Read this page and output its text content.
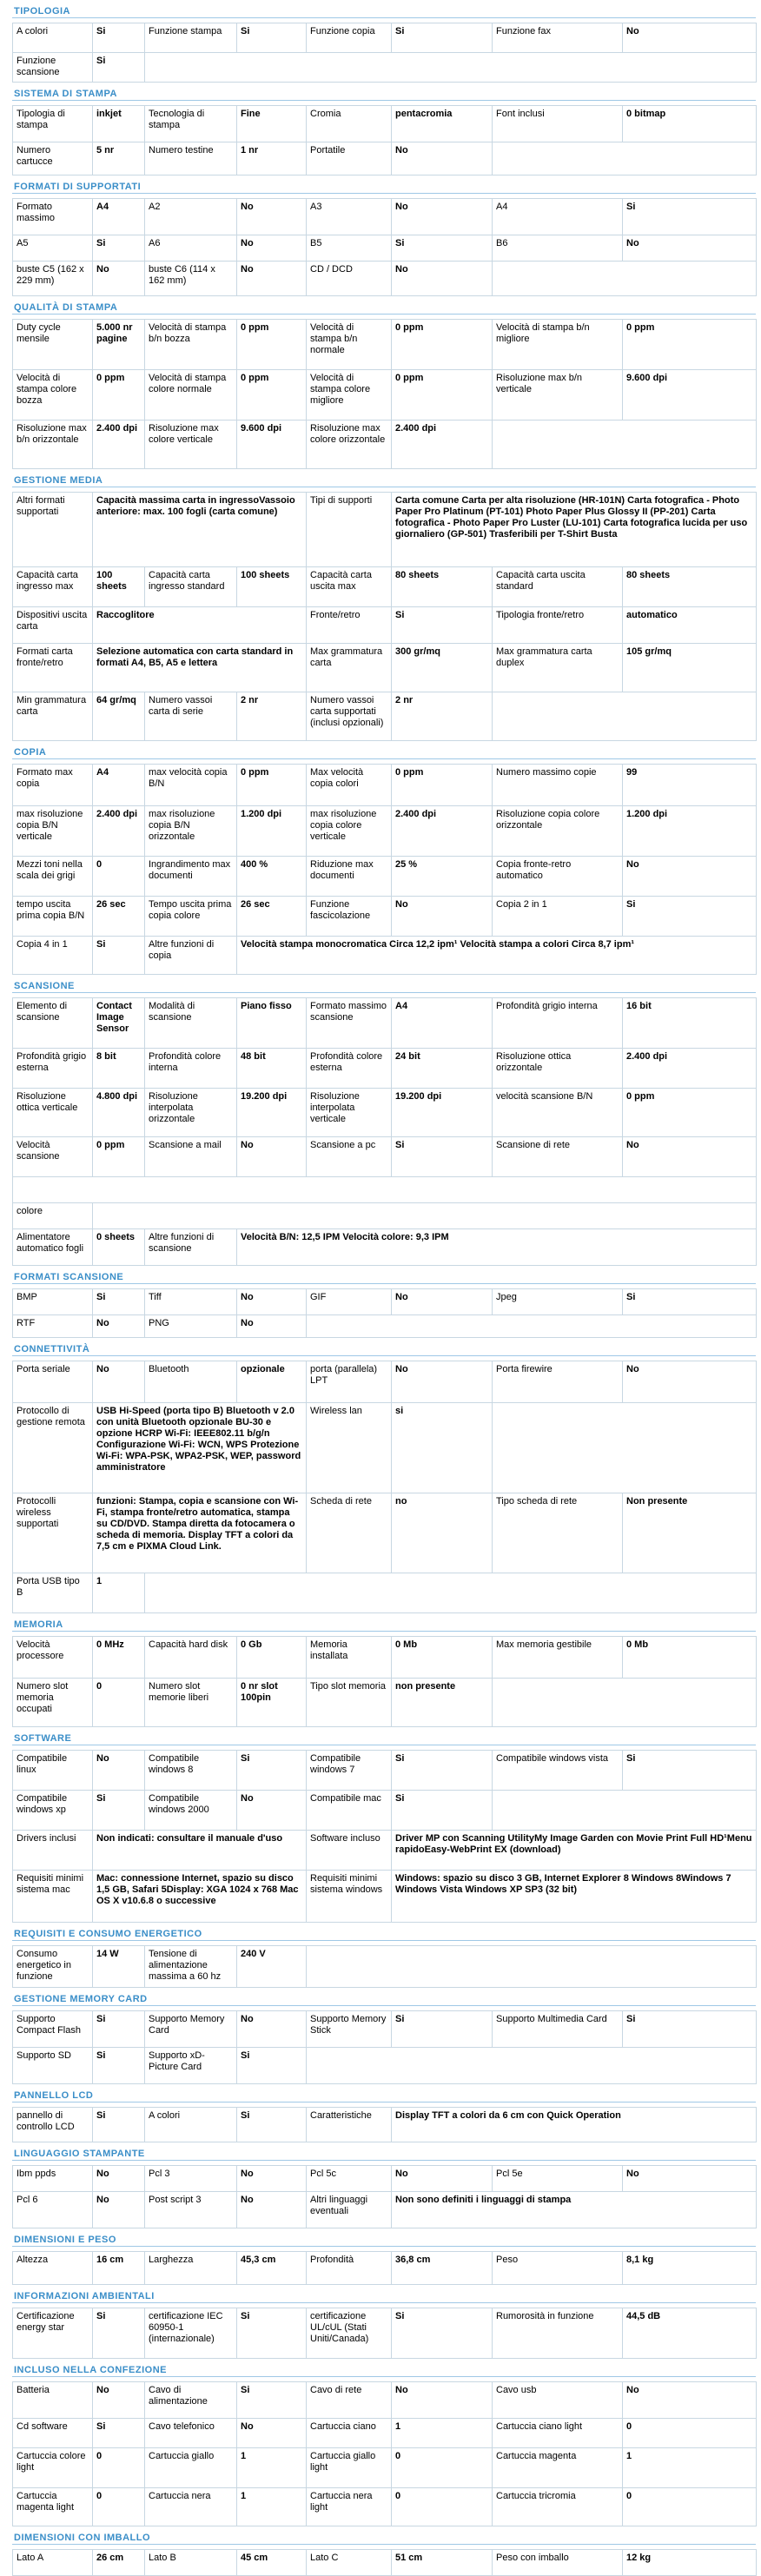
TIPOLOGIA
A colori	Si	Funzione stampa	Si	Funzione copia	Si	Funzione fax	No
Funzione scansione	Si						
SISTEMA DI STAMPA
Tipologia di stampa	inkjet	Tecnologia di stampa	Fine	Cromia	pentacromia	Font inclusi	0 bitmap
Numero cartucce	5 nr	Numero testine	1 nr	Portatile	No		
FORMATI DI SUPPORTATI
Formato massimo	A4	A2	No	A3	No	A4	Si
A5	Si	A6	No	B5	Si	B6	No
buste C5 (162 x 229 mm)	No	buste C6 (114 x 162 mm)	No	CD / DCD	No		
QUALITÀ DI STAMPA
Duty cycle mensile	5.000 nr pagine	Velocità di stampa b/n bozza	0 ppm	Velocità di stampa b/n normale	0 ppm	Velocità di stampa b/n migliore	0 ppm
Velocità di stampa colore bozza	0 ppm	Velocità di stampa colore normale	0 ppm	Velocità di stampa colore migliore	0 ppm	Risoluzione max b/n verticale	9.600 dpi
Risoluzione max b/n orizzontale	2.400 dpi	Risoluzione max colore verticale	9.600 dpi	Risoluzione max colore orizzontale	2.400 dpi		
GESTIONE MEDIA
Altri formati supportati	Capacità massima carta in ingressoVassoio anteriore: max. 100 fogli (carta comune)			Tipi di supporti	Carta comune Carta per alta risoluzione (HR-101N) Carta fotografica - Photo Paper Pro Platinum (PT-101) Photo Paper Plus Glossy II (PP-201) Carta fotografica - Photo Paper Pro Luster (LU-101) Carta fotografica lucida per uso giornaliero (GP-501) Trasferibili per T-Shirt Busta		
Capacità carta ingresso max	100 sheets	Capacità carta ingresso standard	100 sheets	Capacità carta uscita max	80 sheets	Capacità carta uscita standard	80 sheets
Dispositivi uscita carta	Raccoglitore			Fronte/retro	Si	Tipologia fronte/retro	automatico
Formati carta fronte/retro	Selezione automatica con carta standard in formati A4, B5, A5 e lettera			Max grammatura carta	300 gr/mq	Max grammatura carta duplex	105 gr/mq
Min grammatura carta	64 gr/mq	Numero vassoi carta di serie	2 nr	Numero vassoi carta supportati (inclusi opzionali)	2 nr		
COPIA
Formato max copia	A4	max velocità copia B/N	0 ppm	Max velocità copia colori	0 ppm	Numero massimo copie	99
max risoluzione copia B/N verticale	2.400 dpi	max risoluzione copia B/N orizzontale	1.200 dpi	max risoluzione copia colore verticale	2.400 dpi	Risoluzione copia colore orizzontale	1.200 dpi
Mezzi toni nella scala dei grigi	0	Ingrandimento max documenti	400 %	Riduzione max documenti	25 %	Copia fronte-retro automatico	No
tempo uscita prima copia B/N	26 sec	Tempo uscita prima copia colore	26 sec	Funzione fascicolazione	No	Copia 2 in 1	Si
Copia 4 in 1	Si	Altre funzioni di copia	Velocità stampa monocromatica Circa 12,2 ipm¹ Velocità stampa a colori Circa 8,7 ipm¹				
SCANSIONE
Elemento di scansione	Contact Image Sensor	Modalità di scansione	Piano fisso	Formato massimo scansione	A4	Profondità grigio interna	16 bit
Profondità grigio esterna	8 bit	Profondità colore interna	48 bit	Profondità colore esterna	24 bit	Risoluzione ottica orizzontale	2.400 dpi
Risoluzione ottica verticale	4.800 dpi	Risoluzione interpolata orizzontale	19.200 dpi	Risoluzione interpolata verticale	19.200 dpi	velocità scansione B/N	0 ppm
Velocità scansione	0 ppm	Scansione a mail	No	Scansione a pc	Si	Scansione di rete	No

colore							
Alimentatore automatico fogli	0 sheets	Altre funzioni di scansione	Velocità B/N: 12,5 IPM Velocità colore: 9,3 IPM				
FORMATI SCANSIONE
BMP	Si	Tiff	No	GIF	No	Jpeg	Si
RTF	No	PNG	No				
CONNETTIVITÀ
Porta seriale	No	Bluetooth	opzionale	porta (parallela) LPT	No	Porta firewire	No
Protocollo di gestione remota	USB Hi-Speed (porta tipo B) Bluetooth v 2.0 con unità Bluetooth opzionale BU-30 e opzione HCRP Wi-Fi: IEEE802.11 b/g/n Configurazione Wi-Fi: WCN, WPS Protezione Wi-Fi: WPA-PSK, WPA2-PSK, WEP, password amministratore			Wireless lan	si		
Protocolli wireless supportati	funzioni: Stampa, copia e scansione con Wi-Fi, stampa fronte/retro automatica, stampa su CD/DVD. Stampa diretta da fotocamera o scheda di memoria. Display TFT a colori da 7,5 cm e PIXMA Cloud Link.			Scheda di rete	no	Tipo scheda di rete	Non presente
Porta USB tipo B	1						
MEMORIA
Velocità processore	0 MHz	Capacità hard disk	0 Gb	Memoria installata	0 Mb	Max memoria gestibile	0 Mb
Numero slot memoria occupati	0	Numero slot memorie liberi	0 nr slot 100pin	Tipo slot memoria	non presente		
SOFTWARE
Compatibile linux	No	Compatibile windows 8	Si	Compatibile windows 7	Si	Compatibile windows vista	Si
Compatibile windows xp	Si	Compatibile windows 2000	No	Compatibile mac	Si		
Drivers inclusi	Non indicati: consultare il manuale d'uso			Software incluso	Driver MP con Scanning UtilityMy Image Garden con Movie Print Full HD¹Menu rapidoEasy-WebPrint EX (download)		
Requisiti minimi sistema mac	Mac: connessione Internet, spazio su disco 1,5 GB, Safari 5Display: XGA 1024 x 768 Mac OS X v10.6.8 o successive			Requisiti minimi sistema windows	Windows: spazio su disco 3 GB, Internet Explorer 8 Windows 8Windows 7 Windows Vista Windows XP SP3 (32 bit)		
REQUISITI E CONSUMO ENERGETICO
Consumo energetico in funzione	14 W	Tensione di alimentazione massima a 60 hz	240 V	
GESTIONE MEMORY CARD
Supporto Compact Flash	Si	Supporto Memory Card	No	Supporto Memory Stick	Si	Supporto Multimedia Card	Si
Supporto SD	Si	Supporto xD-Picture Card	Si				
PANNELLO LCD
pannello di controllo LCD	Si	A colori	Si	Caratteristiche	Display TFT a colori da 6 cm con Quick Operation
LINGUAGGIO STAMPANTE
Ibm ppds	No	Pcl 3	No	Pcl 5c	No	Pcl 5e	No
Pcl 6	No	Post script 3	No	Altri linguaggi eventuali	Non sono definiti i linguaggi di stampa		
DIMENSIONI E PESO
Altezza	16 cm	Larghezza	45,3 cm	Profondità	36,8 cm	Peso	8,1 kg
INFORMAZIONI AMBIENTALI
Certificazione energy star	Si	certificazione IEC 60950-1 (internazionale)	Si	certificazione UL/cUL (Stati Uniti/Canada)	Si	Rumorosità in funzione	44,5 dB
INCLUSO NELLA CONFEZIONE
Batteria	No	Cavo di alimentazione	Si	Cavo di rete	No	Cavo usb	No
Cd software	Si	Cavo telefonico	No	Cartuccia ciano	1	Cartuccia ciano light	0
Cartuccia colore light	0	Cartuccia giallo	1	Cartuccia giallo light	0	Cartuccia magenta	1
Cartuccia magenta light	0	Cartuccia nera	1	Cartuccia nera light	0	Cartuccia tricromia	0
DIMENSIONI CON IMBALLO
Lato A	26 cm	Lato B	45 cm	Lato C	51 cm	Peso con imballo	12 kg
